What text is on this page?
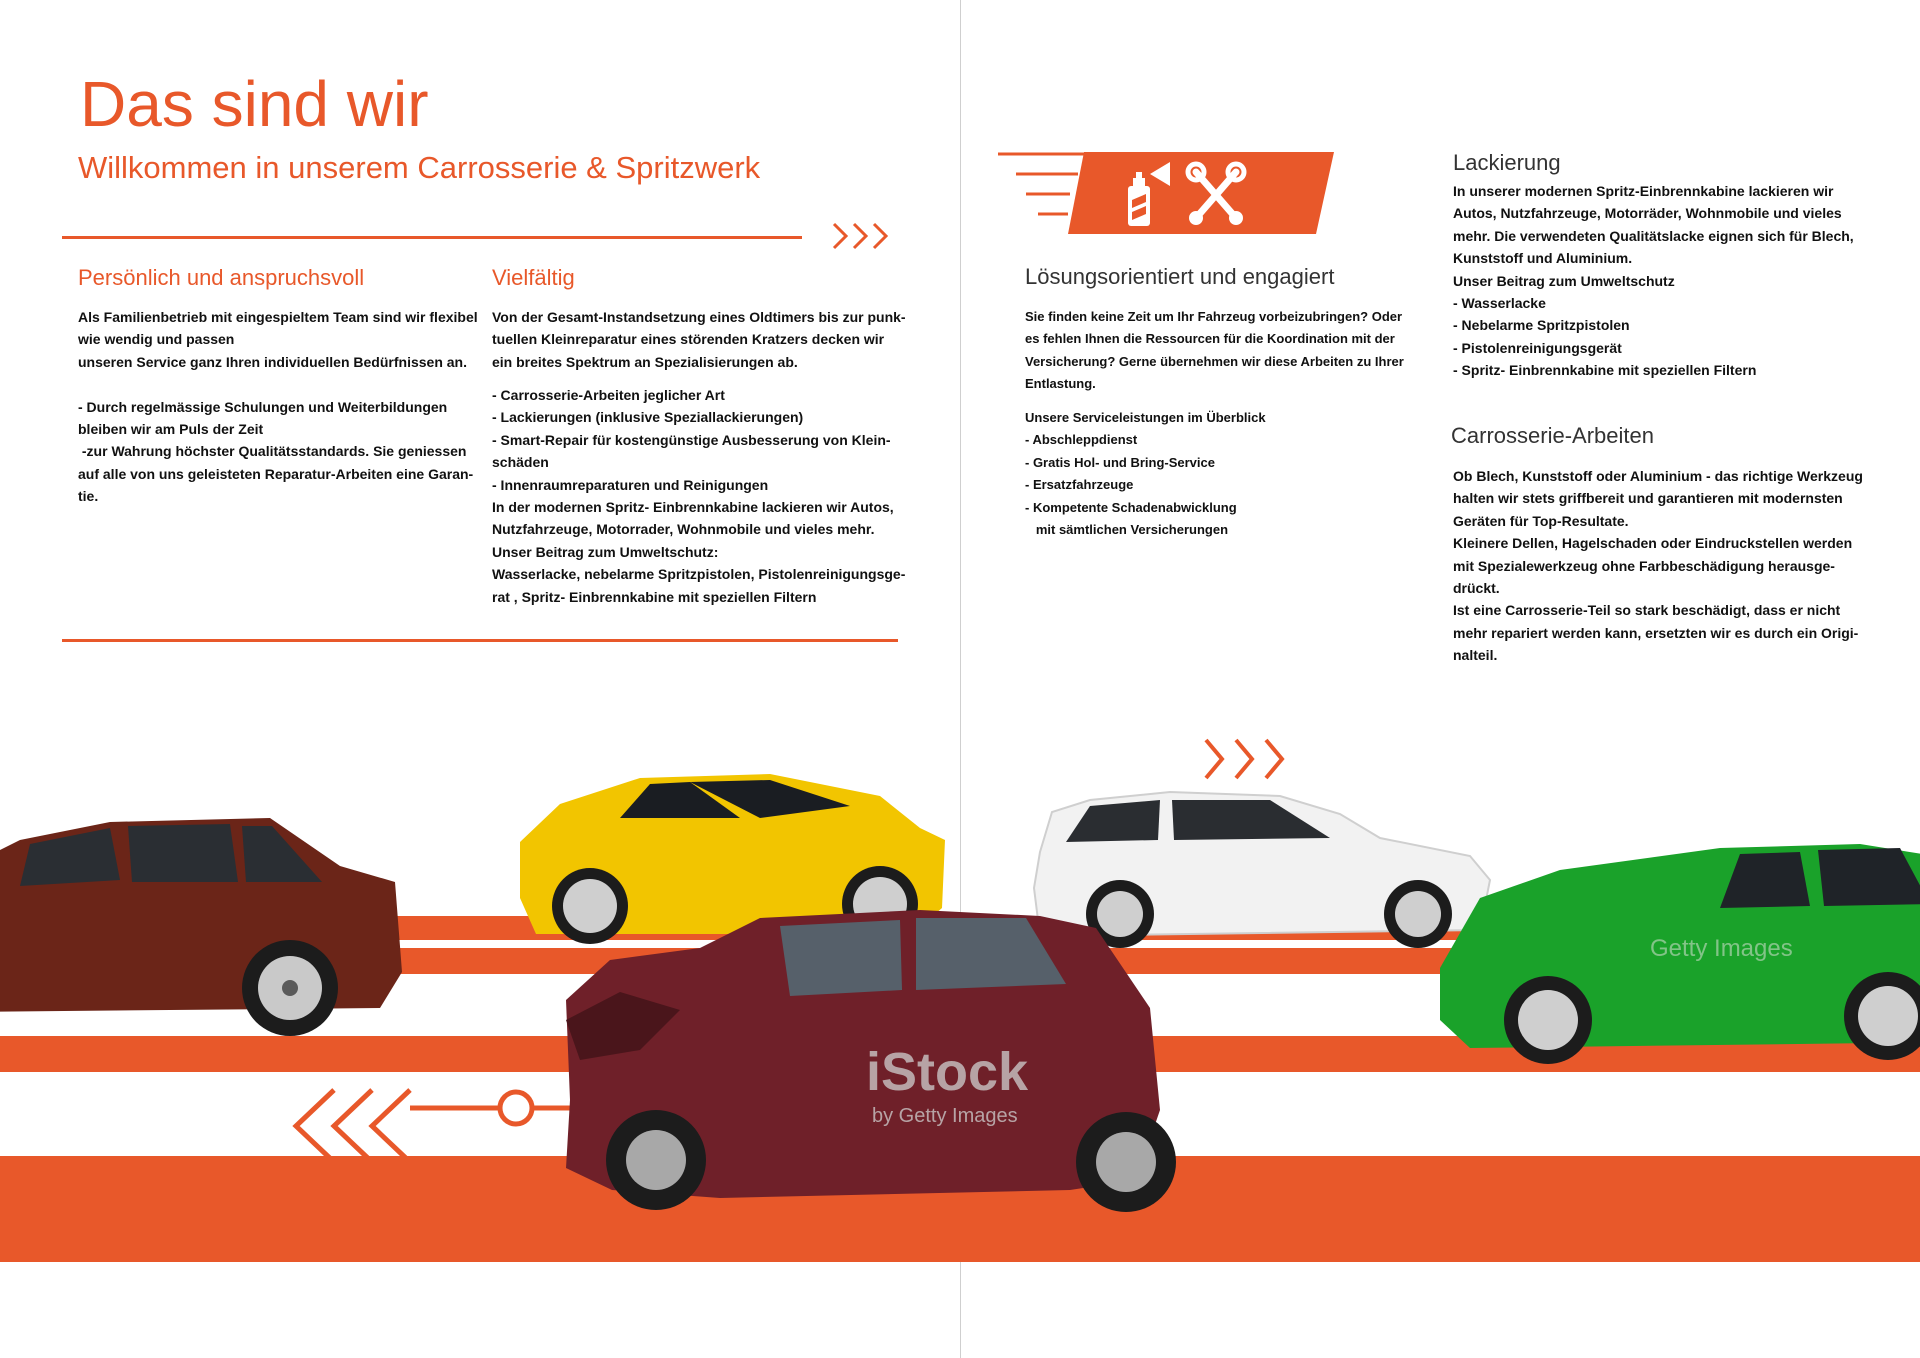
Das sind wir
Willkommen in unserem Carrosserie & Spritzwerk
Persönlich und anspruchsvoll

Als Familienbetrieb mit eingespieltem Team sind wir flexibel

wie wendig und passen

unseren Service ganz Ihren individuellen Bedürfnissen an.

- Durch regelmässige Schulungen und Weiterbildungen

bleiben wir am Puls der Zeit

-zur Wahrung höchster Qualitätsstandards. Sie geniessen

auf alle von uns geleisteten Reparatur-Arbeiten eine Garan-

tie.

Vielfältig

Von der Gesamt-Instandsetzung eines Oldtimers bis zur punk-

tuellen Kleinreparatur eines störenden Kratzers decken wir

ein breites Spektrum an Spezialisierungen ab.

- Carrosserie-Arbeiten jeglicher Art

- Lackierungen (inklusive Speziallackierungen)

- Smart-Repair für kostengünstige Ausbesserung von Klein-

schäden

- Innenraumreparaturen und Reinigungen

In der modernen Spritz- Einbrennkabine lackieren wir Autos,

Nutzfahrzeuge, Motorrader, Wohnmobile und vieles mehr.

Unser Beitrag zum Umweltschutz:

Wasserlacke, nebelarme Spritzpistolen, Pistolenreinigungsge-

rat , Spritz- Einbrennkabine mit speziellen Filtern

Lösungsorientiert und engagiert

Sie finden keine Zeit um Ihr Fahrzeug vorbeizubringen? Oder

es fehlen Ihnen die Ressourcen für die Koordination mit der

Versicherung? Gerne übernehmen wir diese Arbeiten zu Ihrer

Entlastung.

Unsere Serviceleistungen im Überblick

- Abschleppdienst

- Gratis Hol- und Bring-Service

- Ersatzfahrzeuge

- Kompetente Schadenabwicklung

mit sämtlichen Versicherungen

Lackierung

In unserer modernen Spritz-Einbrennkabine lackieren wir

Autos, Nutzfahrzeuge, Motorräder, Wohnmobile und vieles

mehr. Die verwendeten Qualitätslacke eignen sich für Blech,

Kunststoff und Aluminium.

Unser Beitrag zum Umweltschutz

- Wasserlacke

- Nebelarme Spritzpistolen

- Pistolenreinigungsgerät

- Spritz- Einbrennkabine mit speziellen Filtern

Carrosserie-Arbeiten

Ob Blech, Kunststoff oder Aluminium - das richtige Werkzeug

halten wir stets griffbereit und garantieren mit modernsten

Geräten für Top-Resultate.

Kleinere Dellen, Hagelschaden oder Eindruckstellen werden

mit Spezialewerkzeug ohne Farbbeschädigung herausge-

drückt.

Ist eine Carrosserie-Teil so stark beschädigt, dass er nicht

mehr repariert werden kann, ersetzten wir es durch ein Origi-

nalteil.

Getty Images
iStock
by Getty Images
